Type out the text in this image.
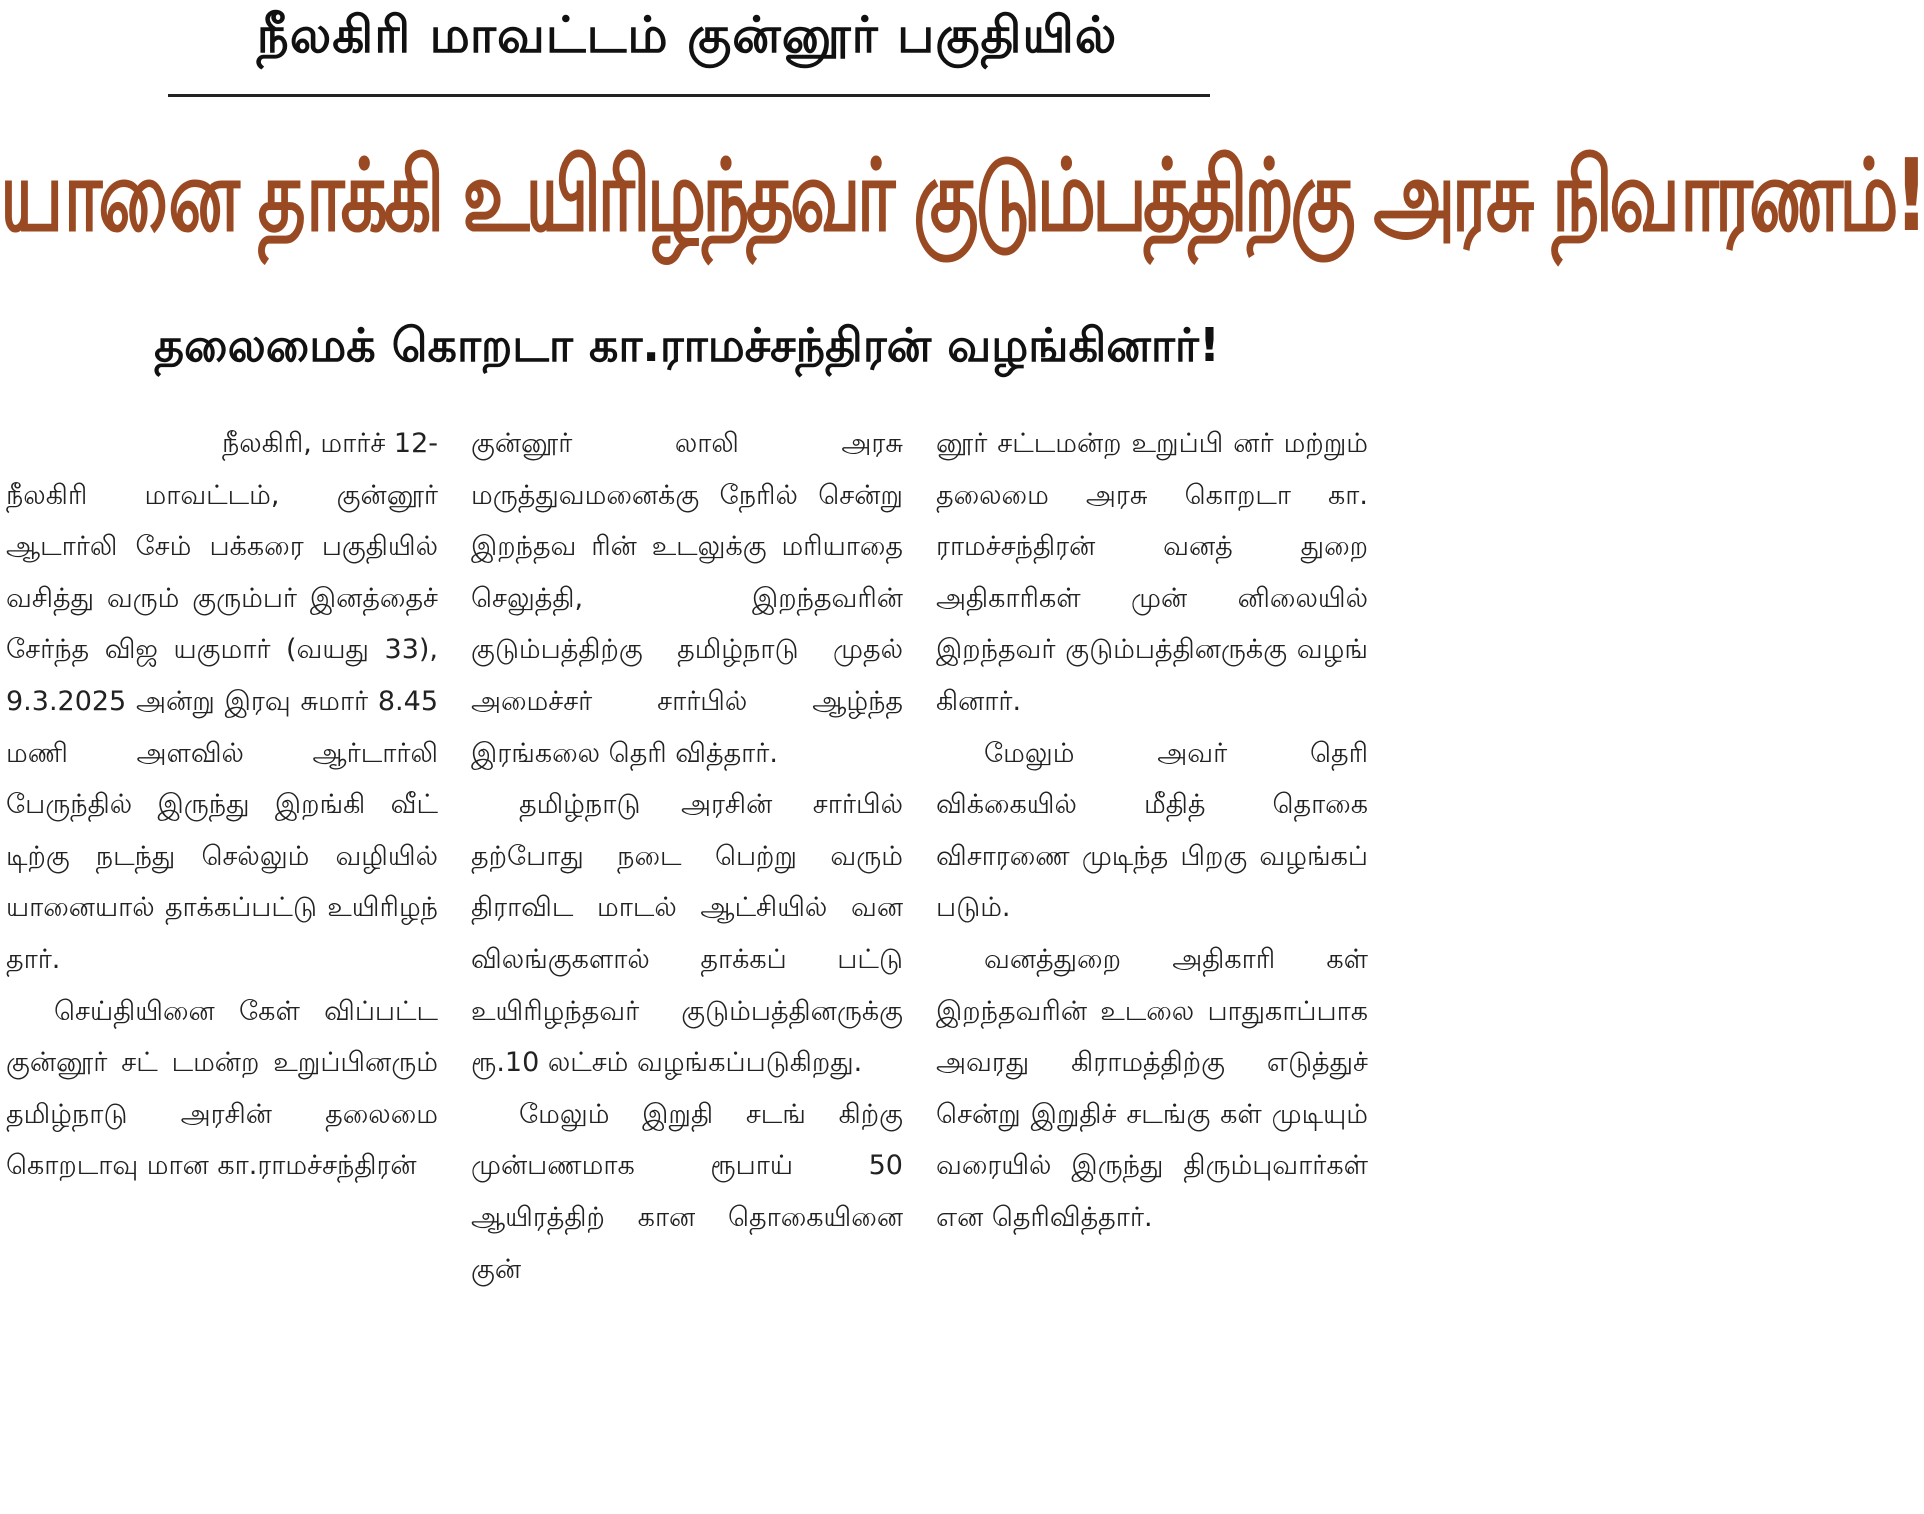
நீலகிரி மாவட்டம் குன்னூர் பகுதியில்
யானை தாக்கி உயிரிழந்தவர் குடும்பத்திற்கு அரசு நிவாரணம்!
தலைமைக் கொறடா கா.ராமச்சந்திரன் வழங்கினார்!

நீலகிரி, மார்ச் 12-

நீலகிரி மாவட்டம், குன்னூர் ஆடார்லி சேம் பக்கரை பகுதியில் வசித்து வரும் குரும்பர் இனத்தைச் சேர்ந்த விஜ யகுமார் (வயது 33), 9.3.2025 அன்று இரவு சுமார் 8.45 மணி அளவில் ஆர்டார்லி பேருந்தில் இருந்து இறங்கி வீட் டிற்கு நடந்து செல்லும் வழியில் யானையால் தாக்கப்பட்டு உயிரிழந் தார்.

செய்தியினை கேள் விப்பட்ட குன்னூர் சட் டமன்ற உறுப்பினரும் தமிழ்நாடு அரசின் தலைமை கொறடாவு மான கா.ராமச்சந்திரன்

குன்னூர் லாலி அரசு மருத்துவமனைக்கு நேரில் சென்று இறந்தவ ரின் உடலுக்கு மரியாதை செலுத்தி, இறந்தவரின் குடும்பத்திற்கு தமிழ்நாடு முதல் அமைச்சர் சார்பில் ஆழ்ந்த இரங்கலை தெரி வித்தார்.

தமிழ்நாடு அரசின் சார்பில் தற்போது நடை பெற்று வரும் திராவிட மாடல் ஆட்சியில் வன விலங்குகளால் தாக்கப் பட்டு உயிரிழந்தவர் குடும்பத்தினருக்கு ரூ.10 லட்சம் வழங்கப்படுகிறது.

மேலும் இறுதி சடங் கிற்கு முன்பணமாக ரூபாய் 50 ஆயிரத்திற் கான தொகையினை குன்

னூர் சட்டமன்ற உறுப்பி னர் மற்றும் தலைமை அரசு கொறடா கா. ராமச்சந்திரன் வனத் துறை அதிகாரிகள் முன் னிலையில் இறந்தவர் குடும்பத்தினருக்கு வழங் கினார்.

மேலும் அவர் தெரி விக்கையில் மீதித் தொகை விசாரணை முடிந்த பிறகு வழங்கப் படும்.

வனத்துறை அதிகாரி கள் இறந்தவரின் உடலை பாதுகாப்பாக அவரது கிராமத்திற்கு எடுத்துச் சென்று இறுதிச் சடங்கு கள் முடியும் வரையில் இருந்து திரும்புவார்கள் என தெரிவித்தார்.
